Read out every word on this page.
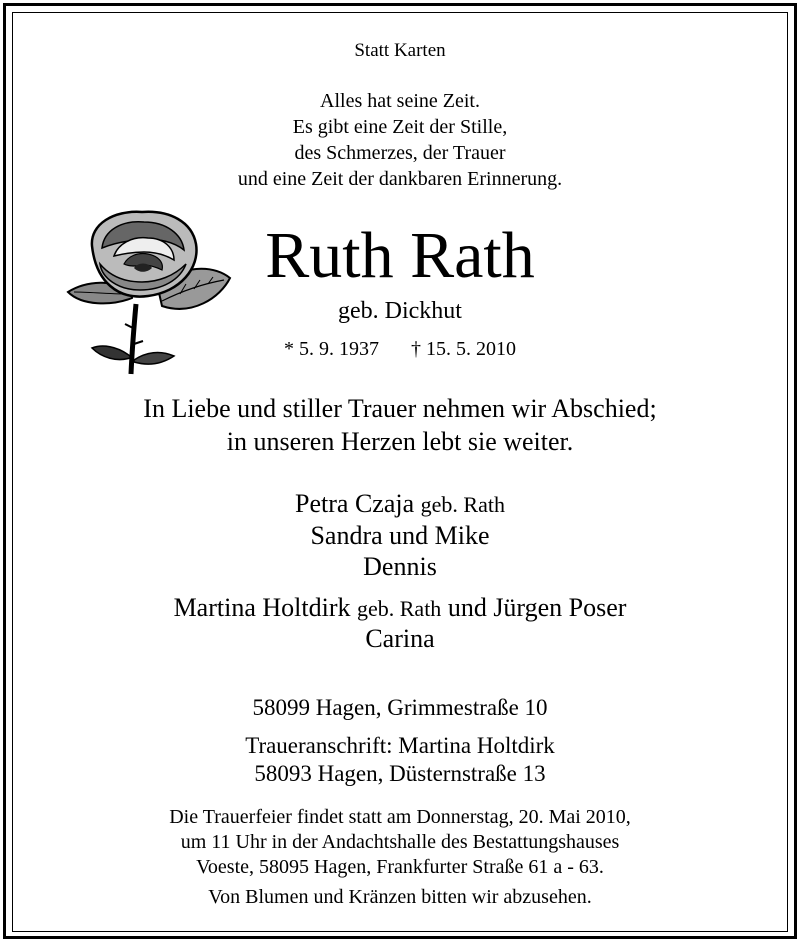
Statt Karten
Alles hat seine Zeit.
Es gibt eine Zeit der Stille,
des Schmerzes, der Trauer
und eine Zeit der dankbaren Erinnerung.
Ruth Rath
geb. Dickhut
* 5. 9. 1937 † 15. 5. 2010
In Liebe und stiller Trauer nehmen wir Abschied;
in unseren Herzen lebt sie weiter.
Petra Czaja geb. Rath
Sandra und Mike
Dennis
Martina Holtdirk geb. Rath und Jürgen Poser
Carina
58099 Hagen, Grimmestraße 10
Traueranschrift: Martina Holtdirk
58093 Hagen, Düsternstraße 13
Die Trauerfeier findet statt am Donnerstag, 20. Mai 2010,
um 11 Uhr in der Andachtshalle des Bestattungshauses
Voeste, 58095 Hagen, Frankfurter Straße 61 a - 63.
Von Blumen und Kränzen bitten wir abzusehen.
